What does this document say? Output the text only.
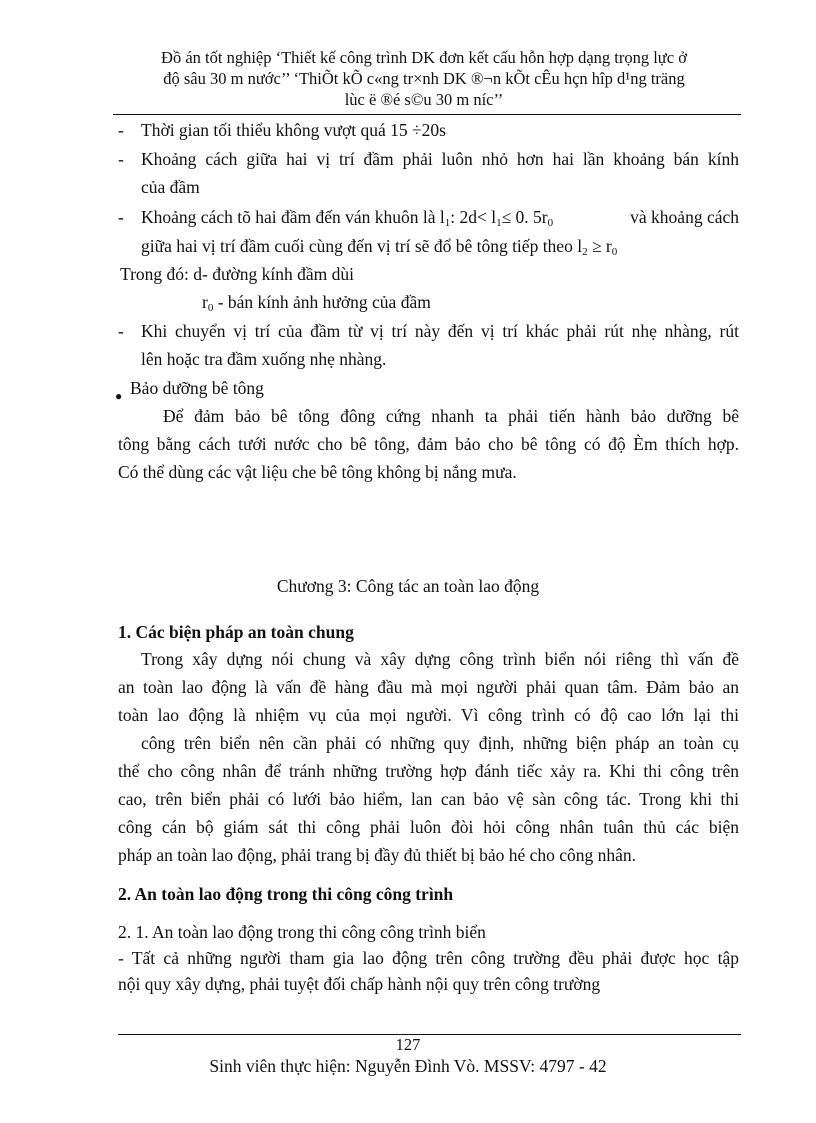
Đồ án tốt nghiệp ‘Thiết kế công trình DK đơn kết cấu hỗn hợp dạng trọng lực ở
độ sâu 30 m nước’’ ‘ThiÕt kÕ c«ng tr×nh DK ®¬n kÕt cÊu hçn hîp d¹ng träng
lùc ë ®é s©u 30 m níc’’
- Thời gian tối thiểu không vượt quá 15 ÷20s
- Khoảng cách giữa hai vị trí đầm phải luôn nhỏ hơn hai lần khoảng bán kính
của đầm
- Khoảng cách tõ hai đầm đến ván khuôn là $l_1$: $2d< l_1\le 0$. $5r_0$	và khoảng cách
giữa hai vị trí đầm cuối cùng đến vị trí sẽ đổ bê tông tiếp theo $l_2 \ge r_0$
Trong đó: d- đường kính đầm dùi
$r_0$ - bán kính ảnh hưởng của đầm
- Khi chuyển vị trí của đầm từ vị trí này đến vị trí khác phải rút nhẹ nhàng, rút
lên hoặc tra đầm xuống nhẹ nhàng.
● Bảo dưỡng bê tông
Để đảm bảo bê tông đông cứng nhanh ta phải tiến hành bảo dưỡng bê
tông bằng cách tưới nước cho bê tông, đảm bảo cho bê tông có độ Èm thích hợp.
Có thể dùng các vật liệu che bê tông không bị nắng mưa.
Chương 3: Công tác an toàn lao động
1. Các biện pháp an toàn chung
Trong xây dựng nói chung và xây dựng công trình biển nói riêng thì vấn đề
an toàn lao động là vấn đề hàng đầu mà mọi người phải quan tâm. Đảm bảo an
toàn lao động là nhiệm vụ của mọi người. Vì công trình có độ cao lớn lại thi
công trên biển nên cần phải có những quy định, những biện pháp an toàn cụ
thể cho công nhân để tránh những trường hợp đánh tiếc xảy ra. Khi thi công trên
cao, trên biển phải có lưới bảo hiểm, lan can bảo vệ sàn công tác. Trong khi thi
công cán bộ giám sát thi công phải luôn đòi hỏi công nhân tuân thủ các biện
pháp an toàn lao động, phải trang bị đầy đủ thiết bị bảo hé cho công nhân.
2. An toàn lao động trong thi công công trình
2. 1. An toàn lao động trong thi công công trình biển
- Tất cả những người tham gia lao động trên công trường đều phải được học tập
nội quy xây dựng, phải tuyệt đối chấp hành nội quy trên công trường
127
Sinh viên thực hiện: Nguyễn Đình Vò. MSSV: 4797 - 42
